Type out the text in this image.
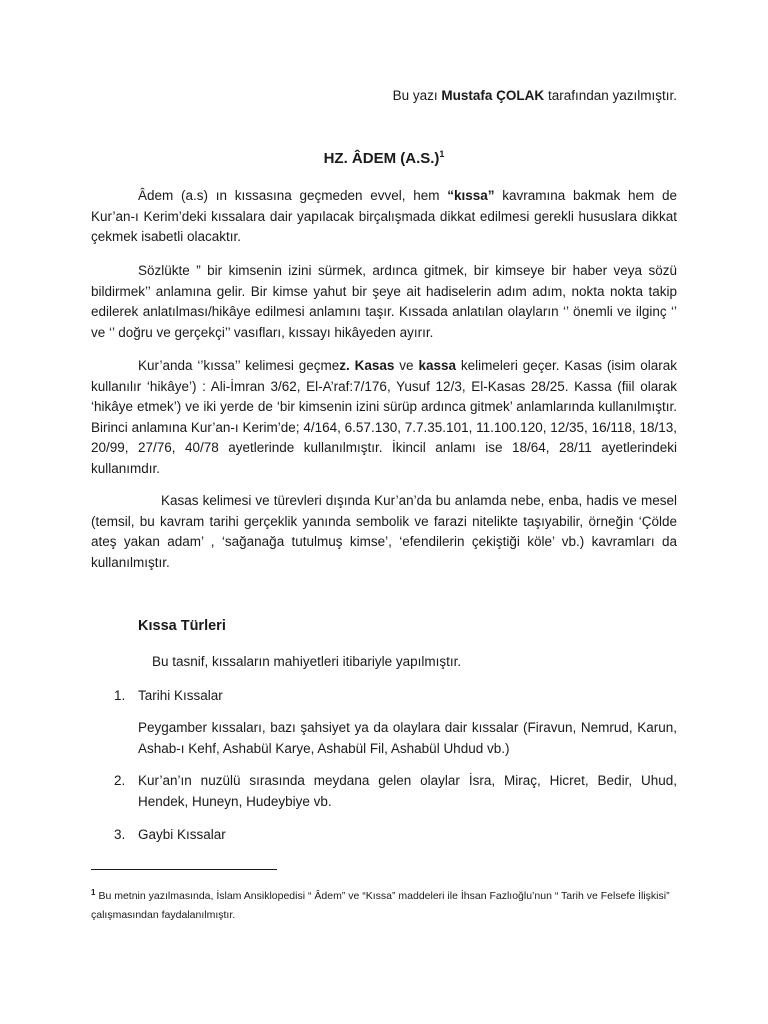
Bu yazı Mustafa ÇOLAK tarafından yazılmıştır.
HZ. ÂDEM $(A.S.)^1$

Âdem (a.s) ın kıssasına geçmeden evvel, hem “kıssa” kavramına bakmak hem de Kur’an-ı Kerim’deki kıssalara dair yapılacak birçalışmada dikkat edilmesi gerekli hususlara dikkat çekmek isabetli olacaktır.

Sözlükte ” bir kimsenin izini sürmek, ardınca gitmek, bir kimseye bir haber veya sözü bildirmek’’ anlamına gelir. Bir kimse yahut bir şeye ait hadiselerin adım adım, nokta nokta takip edilerek anlatılması/hikâye edilmesi anlamını taşır. Kıssada anlatılan olayların ‘’ önemli ve ilginç ‘’ ve ‘’ doğru ve gerçekçi’’ vasıfları, kıssayı hikâyeden ayırır.

Kur’anda ‘’kıssa’’ kelimesi geçmez. Kasas ve kassa kelimeleri geçer. Kasas (isim olarak kullanılır ‘hikâye’) : Ali-İmran 3/62, El-A’raf:7/176, Yusuf 12/3, El-Kasas 28/25. Kassa (fiil olarak ‘hikâye etmek’) ve iki yerde de ‘bir kimsenin izini sürüp ardınca gitmek’ anlamlarında kullanılmıştır. Birinci anlamına Kur’an-ı Kerim’de; 4/164, 6.57.130, 7.7.35.101, 11.100.120, 12/35, 16/118, 18/13, 20/99, 27/76, 40/78 ayetlerinde kullanılmıştır. İkincil anlamı ise 18/64, 28/11 ayetlerindeki kullanımdır.

Kasas kelimesi ve türevleri dışında Kur’an’da bu anlamda nebe, enba, hadis ve mesel (temsil, bu kavram tarihi gerçeklik yanında sembolik ve farazi nitelikte taşıyabilir, örneğin ‘Çölde ateş yakan adam’ , ‘sağanağa tutulmuş kimse’, ‘efendilerin çekiştiği köle’ vb.) kavramları da kullanılmıştır.

Kıssa Türleri

Bu tasnif, kıssaların mahiyetleri itibariyle yapılmıştır.

1. Tarihi Kıssalar

Peygamber kıssaları, bazı şahsiyet ya da olaylara dair kıssalar (Firavun, Nemrud, Karun, Ashab-ı Kehf, Ashabül Karye, Ashabül Fil, Ashabül Uhdud vb.)

2. Kur’an’ın nuzülü sırasında meydana gelen olaylar İsra, Miraç, Hicret, Bedir, Uhud, Hendek, Huneyn, Hudeybiye vb.
3. Gaybi Kıssalar
$^1$ Bu metnin yazılmasında, İslam Ansiklopedisi “ Âdem” ve “Kıssa” maddeleri ile İhsan Fazlıoğlu’nun “ Tarih ve Felsefe İlişkisi” çalışmasından faydalanılmıştır.
